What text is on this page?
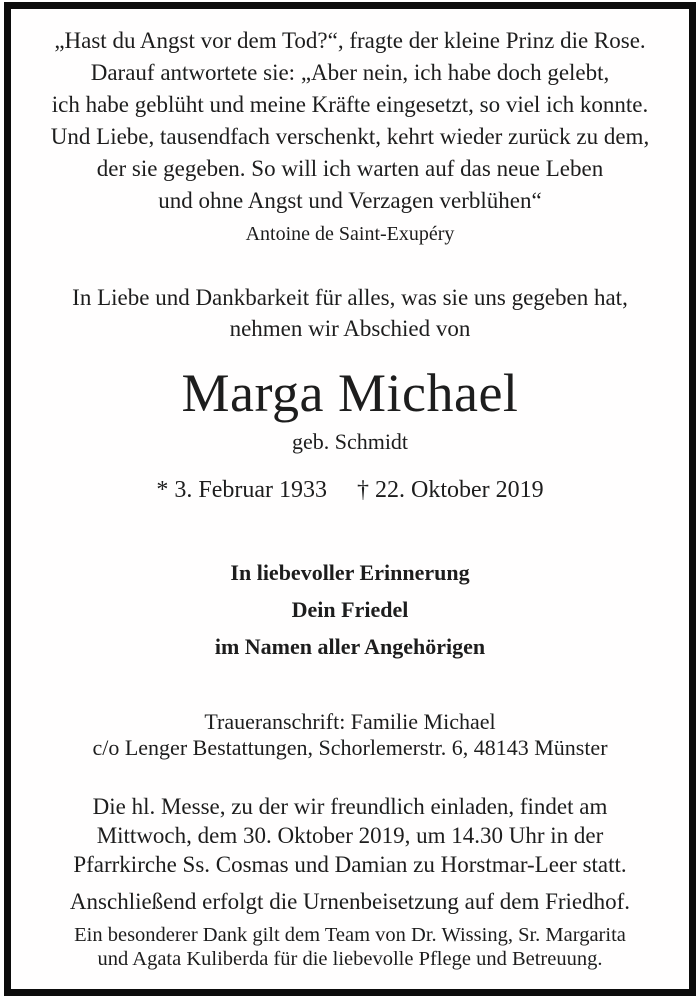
„Hast du Angst vor dem Tod?“, fragte der kleine Prinz die Rose.
Darauf antwortete sie: „Aber nein, ich habe doch gelebt,
ich habe geblüht und meine Kräfte eingesetzt, so viel ich konnte.
Und Liebe, tausendfach verschenkt, kehrt wieder zurück zu dem,
der sie gegeben. So will ich warten auf das neue Leben
und ohne Angst und Verzagen verblühen“

Antoine de Saint-Exupéry

In Liebe und Dankbarkeit für alles, was sie uns gegeben hat,

nehmen wir Abschied von

Marga Michael

geb. Schmidt

* 3. Februar 1933 † 22. Oktober 2019

In liebevoller Erinnerung

Dein Friedel

im Namen aller Angehörigen

Traueranschrift: Familie Michael

c/o Lenger Bestattungen, Schorlemerstr. 6, 48143 Münster

Die hl. Messe, zu der wir freundlich einladen, findet am

Mittwoch, dem 30. Oktober 2019, um 14.30 Uhr in der

Pfarrkirche Ss. Cosmas und Damian zu Horstmar-Leer statt.

Anschließend erfolgt die Urnenbeisetzung auf dem Friedhof.

Ein besonderer Dank gilt dem Team von Dr. Wissing, Sr. Margarita

und Agata Kuliberda für die liebevolle Pflege und Betreuung.
